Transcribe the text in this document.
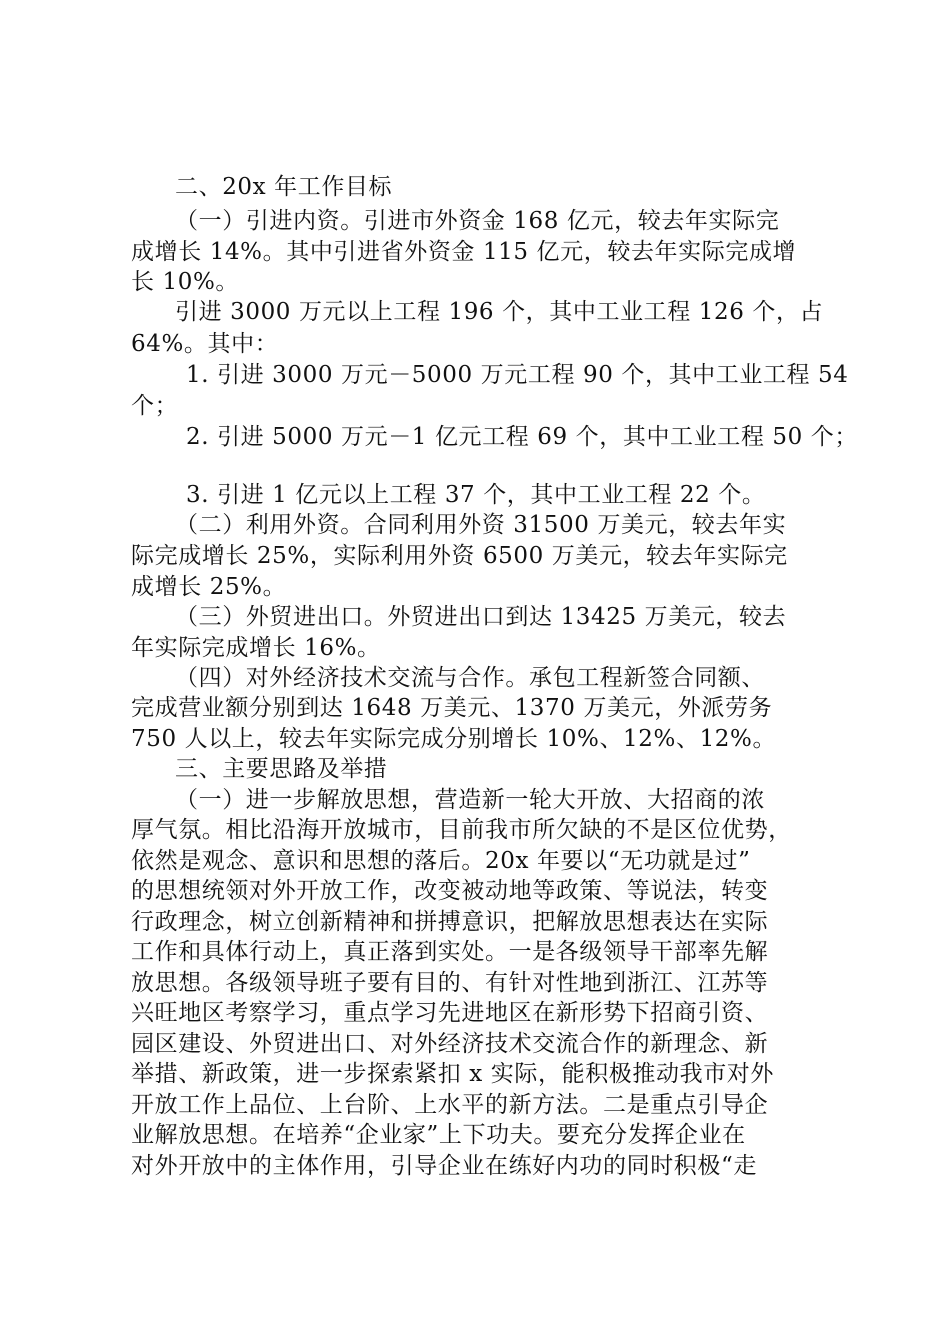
二、20x 年工作目标
（一）引进内资。引进市外资金 168 亿元，较去年实际完
成增长 14%。其中引进省外资金 115 亿元，较去年实际完成增
长 10%。
引进 3000 万元以上工程 196 个，其中工业工程 126 个，占
64%。其中：
1. 引进 3000 万元－5000 万元工程 90 个，其中工业工程 54
个；
2. 引进 5000 万元－1 亿元工程 69 个，其中工业工程 50 个；
3. 引进 1 亿元以上工程 37 个，其中工业工程 22 个。
（二）利用外资。合同利用外资 31500 万美元，较去年实
际完成增长 25%，实际利用外资 6500 万美元，较去年实际完
成增长 25%。
（三）外贸进出口。外贸进出口到达 13425 万美元，较去
年实际完成增长 16%。
（四）对外经济技术交流与合作。承包工程新签合同额、
完成营业额分别到达 1648 万美元、1370 万美元，外派劳务
750 人以上，较去年实际完成分别增长 10%、12%、12%。
三、主要思路及举措
（一）进一步解放思想，营造新一轮大开放、大招商的浓
厚气氛。相比沿海开放城市，目前我市所欠缺的不是区位优势，
依然是观念、意识和思想的落后。20x 年要以“无功就是过”
的思想统领对外开放工作，改变被动地等政策、等说法，转变
行政理念，树立创新精神和拼搏意识，把解放思想表达在实际
工作和具体行动上，真正落到实处。一是各级领导干部率先解
放思想。各级领导班子要有目的、有针对性地到浙江、江苏等
兴旺地区考察学习，重点学习先进地区在新形势下招商引资、
园区建设、外贸进出口、对外经济技术交流合作的新理念、新
举措、新政策，进一步探索紧扣 x 实际，能积极推动我市对外
开放工作上品位、上台阶、上水平的新方法。二是重点引导企
业解放思想。在培养“企业家”上下功夫。要充分发挥企业在
对外开放中的主体作用，引导企业在练好内功的同时积极“走
